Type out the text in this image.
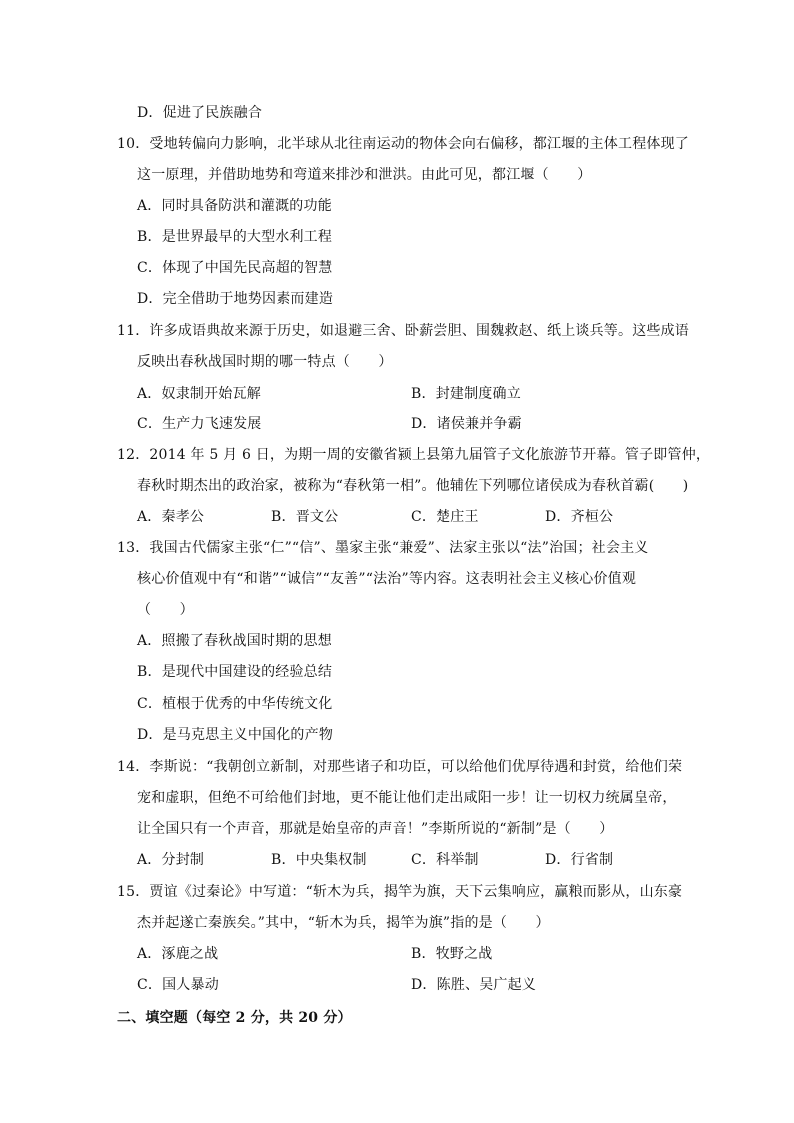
D．促进了民族融合
10．受地转偏向力影响，北半球从北往南运动的物体会向右偏移，都江堰的主体工程体现了
这一原理，并借助地势和弯道来排沙和泄洪。由此可见，都江堰（　　）
A．同时具备防洪和灌溉的功能
B．是世界最早的大型水利工程
C．体现了中国先民高超的智慧
D．完全借助于地势因素而建造
11．许多成语典故来源于历史，如退避三舍、卧薪尝胆、围魏救赵、纸上谈兵等。这些成语
反映出春秋战国时期的哪一特点（　　）
A．奴隶制开始瓦解	B．封建制度确立
C．生产力飞速发展	D．诸侯兼并争霸
12．2014 年 5 月 6 日，为期一周的安徽省颍上县第九届管子文化旅游节开幕。管子即管仲，
春秋时期杰出的政治家，被称为“春秋第一相”。他辅佐下列哪位诸侯成为春秋首霸(　　)
A．秦孝公	B．晋文公	C．楚庄王	D．齐桓公
13．我国古代儒家主张“仁”“信”、墨家主张“兼爱”、法家主张以“法”治国；社会主义
核心价值观中有“和谐”“诚信”“友善”“法治”等内容。这表明社会主义核心价值观
（　　）
A．照搬了春秋战国时期的思想
B．是现代中国建设的经验总结
C．植根于优秀的中华传统文化
D．是马克思主义中国化的产物
14．李斯说：“我朝创立新制，对那些诸子和功臣，可以给他们优厚待遇和封赏，给他们荣
宠和虚职，但绝不可给他们封地，更不能让他们走出咸阳一步！让一切权力统属皇帝，
让全国只有一个声音，那就是始皇帝的声音！”李斯所说的“新制”是（　　）
A．分封制	B．中央集权制	C．科举制	D．行省制
15．贾谊《过秦论》中写道：“斩木为兵，揭竿为旗，天下云集响应，赢粮而影从，山东豪
杰并起遂亡秦族矣。”其中，“斩木为兵，揭竿为旗”指的是（　　）
A．涿鹿之战	B．牧野之战
C．国人暴动	D．陈胜、吴广起义
二、填空题（每空 2 分，共 20 分）
